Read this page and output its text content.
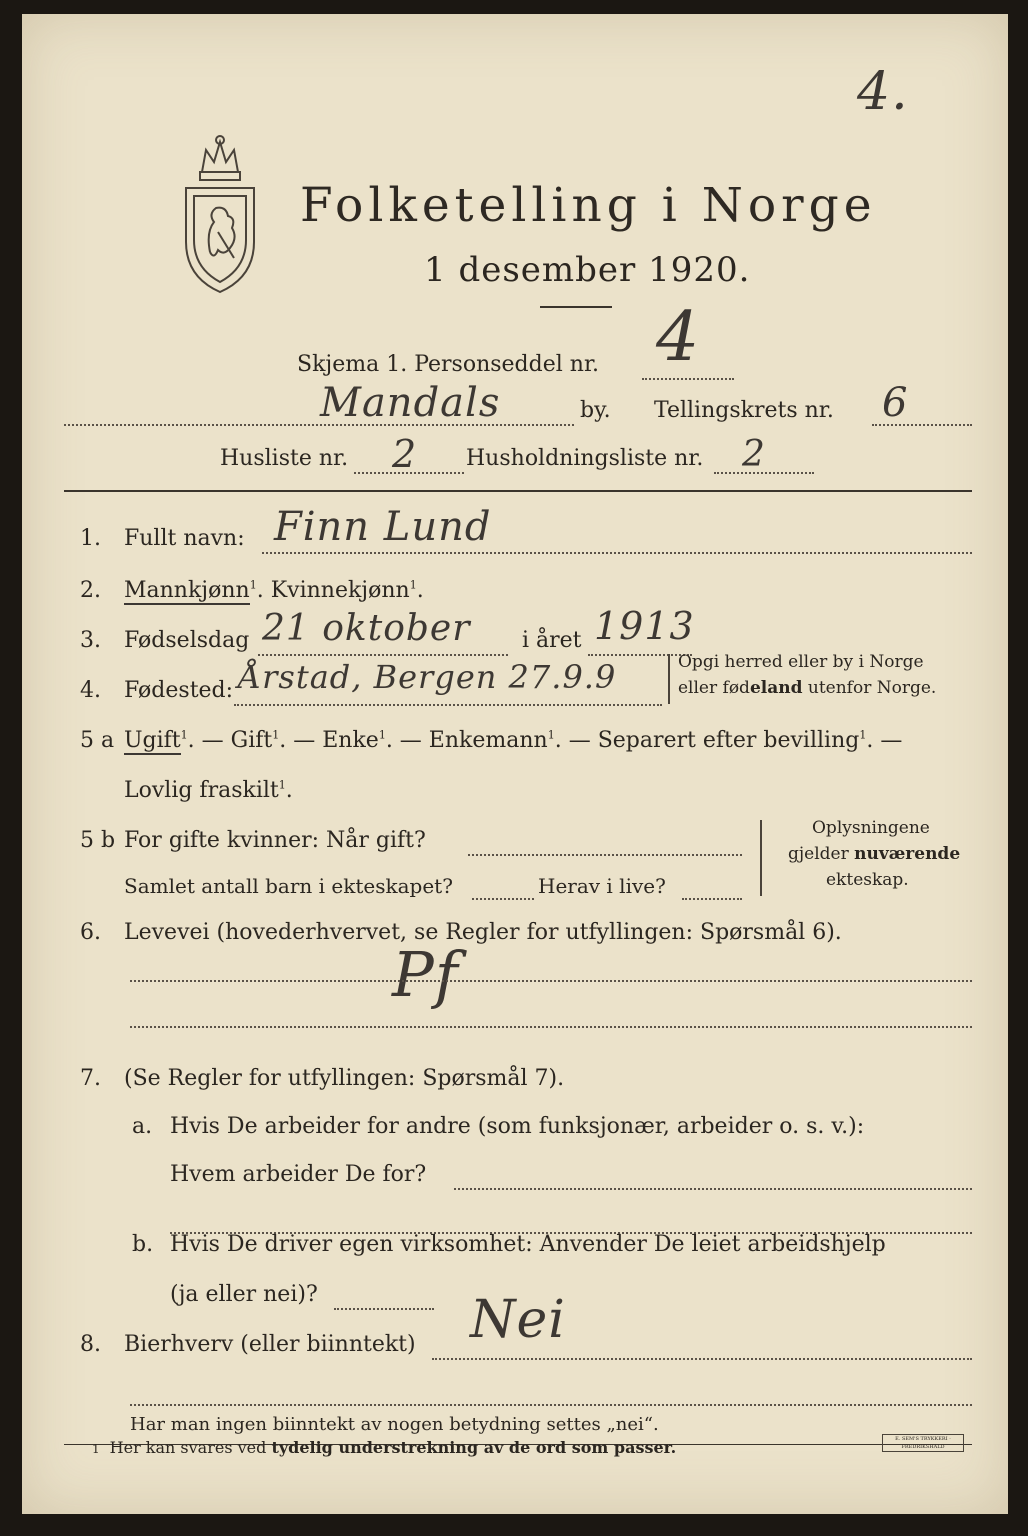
4.
Folketelling i Norge
1 desember 1920.
Skjema 1. Personseddel nr. 4
Mandals	by. Tellingskrets nr. 6
Husliste nr. 2 Husholdningsliste nr. 2
1. Fullt navn: Finn Lund
2. Mannkjønn$^1$. Kvinnekjønn$^1$.
3. Fødselsdag 21 oktober i året 1913
4. Fødested: Årstad, Bergen 27.9.9	Opgi herred eller by i Norge
eller fødeland utenfor Norge.
5 a Ugift$^1$. — Gift$^1$. — Enke$^1$. — Enkemann$^1$. — Separert efter bevilling$^1$. —
Lovlig fraskilt$^1$.
5 b For gifte kvinner: Når gift?
Samlet antall barn i ekteskapet?	Herav i live?
Oplysningene
gjelder nuværende
ekteskap.
6. Levevei (hovederhvervet, se Regler for utfyllingen: Spørsmål 6).
Pf
7. (Se Regler for utfyllingen: Spørsmål 7).
a. Hvis De arbeider for andre (som funksjonær, arbeider o. s. v.):
Hvem arbeider De for?
b. Hvis De driver egen virksomhet: Anvender De leiet arbeidshjelp
(ja eller nei)?
8. Bierhverv (eller biinntekt) Nei
Har man ingen biinntekt av nogen betydning settes „nei“.
1 Her kan svares ved tydelig understrekning av de ord som passer.	E. SEM'S TRYKKERI · FREDRIKSHALD
